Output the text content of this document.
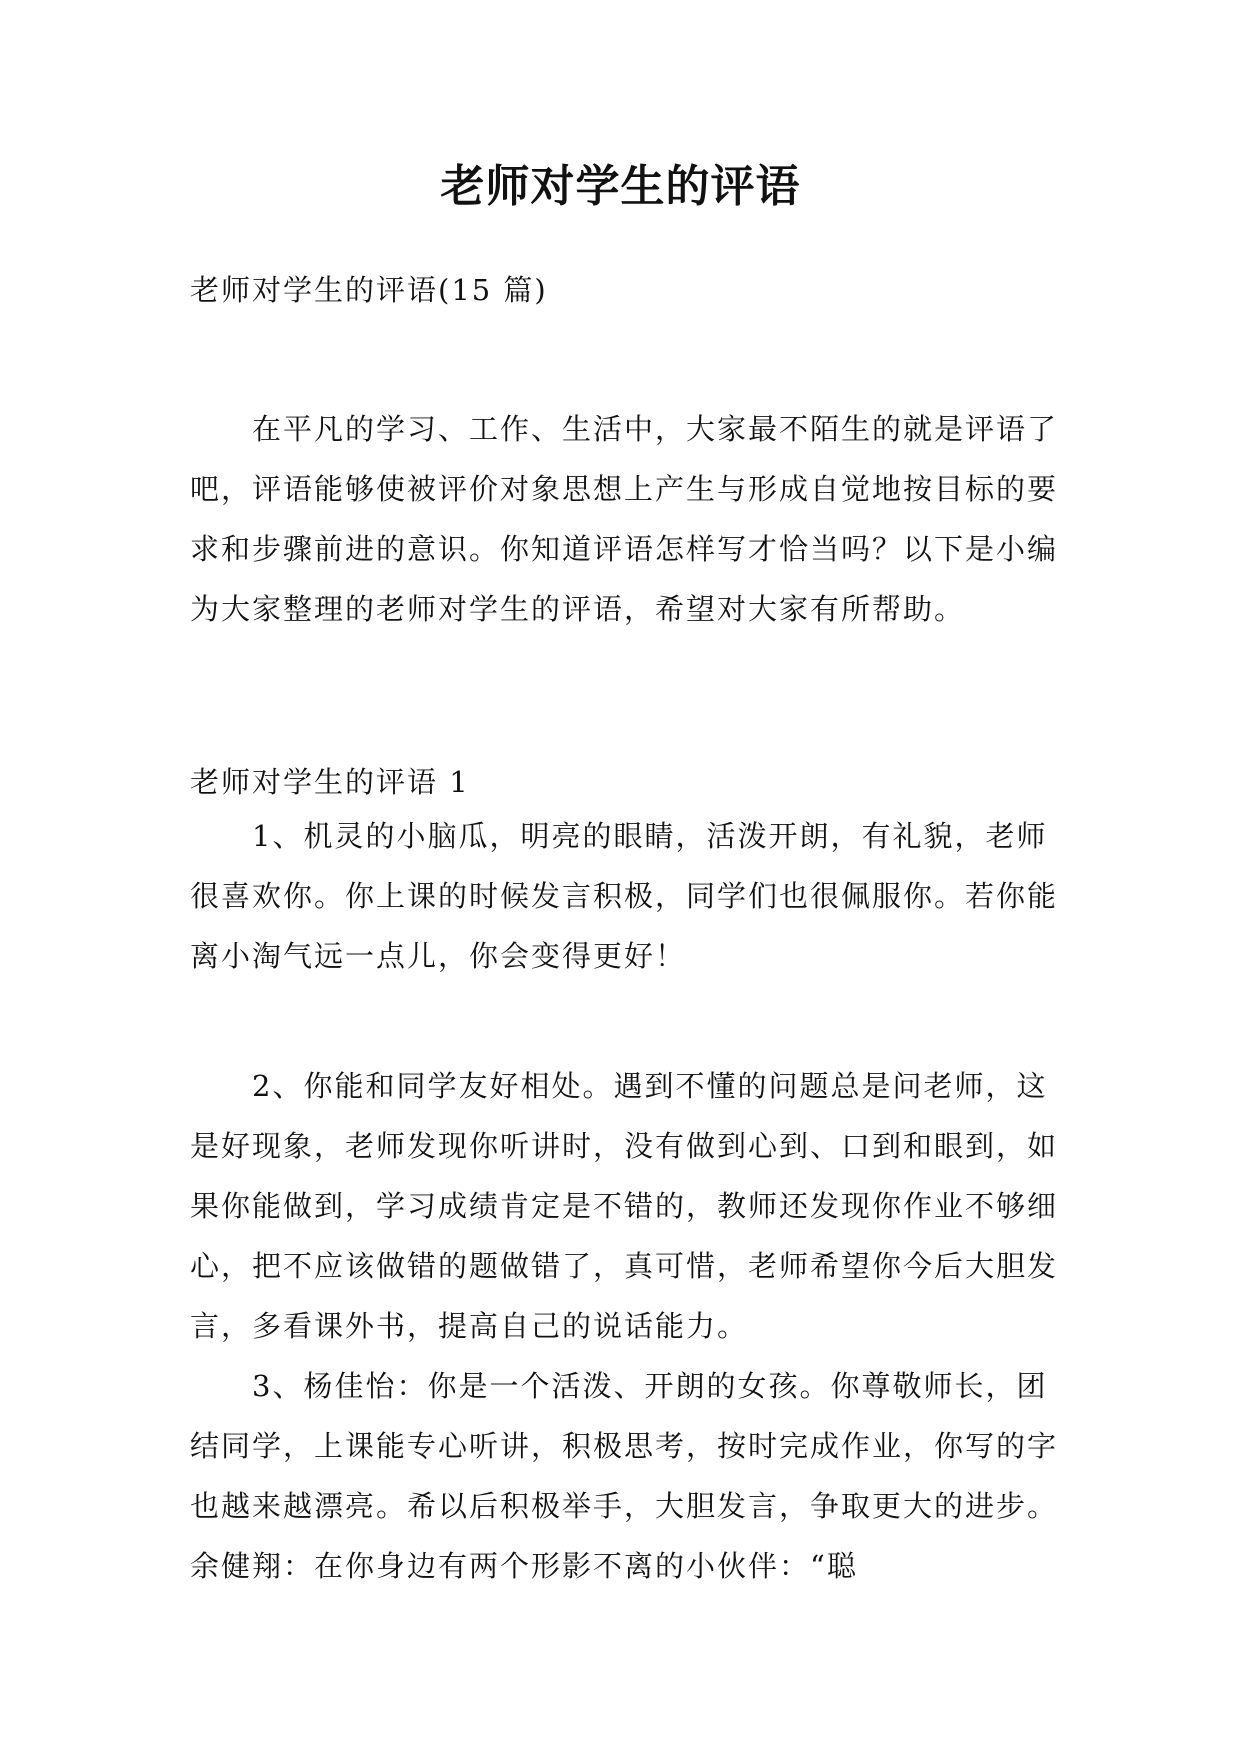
老师对学生的评语

老师对学生的评语(15 篇)

在平凡的学习、工作、生活中，大家最不陌生的就是评语了吧，评语能够使被评价对象思想上产生与形成自觉地按目标的要求和步骤前进的意识。你知道评语怎样写才恰当吗？以下是小编为大家整理的老师对学生的评语，希望对大家有所帮助。

老师对学生的评语 1

1、机灵的小脑瓜，明亮的眼睛，活泼开朗，有礼貌，老师很喜欢你。你上课的时候发言积极，同学们也很佩服你。若你能离小淘气远一点儿，你会变得更好！

2、你能和同学友好相处。遇到不懂的问题总是问老师，这是好现象，老师发现你听讲时，没有做到心到、口到和眼到，如果你能做到，学习成绩肯定是不错的，教师还发现你作业不够细心，把不应该做错的题做错了，真可惜，老师希望你今后大胆发言，多看课外书，提高自己的说话能力。

3、杨佳怡：你是一个活泼、开朗的女孩。你尊敬师长，团结同学，上课能专心听讲，积极思考，按时完成作业，你写的字也越来越漂亮。希以后积极举手，大胆发言，争取更大的进步。余健翔：在你身边有两个形影不离的小伙伴：“聪
